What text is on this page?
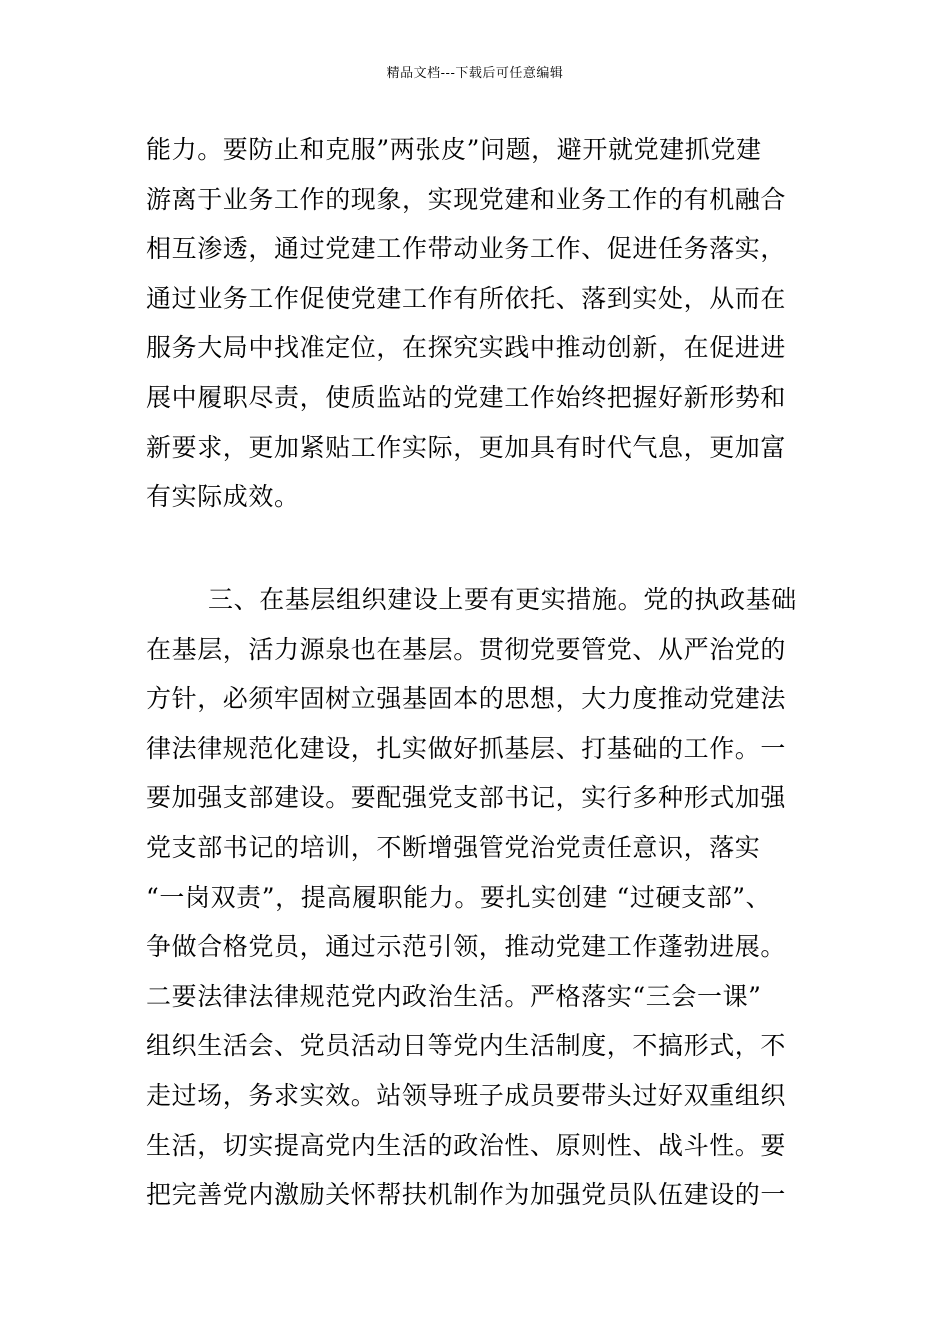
精品文档---下载后可任意编辑
能力。要防止和克服”两张皮”问题，避开就党建抓党建
游离于业务工作的现象，实现党建和业务工作的有机融合
相互渗透，通过党建工作带动业务工作、促进任务落实，
通过业务工作促使党建工作有所依托、落到实处，从而在
服务大局中找准定位，在探究实践中推动创新，在促进进
展中履职尽责，使质监站的党建工作始终把握好新形势和
新要求，更加紧贴工作实际，更加具有时代气息，更加富
有实际成效。
三、在基层组织建设上要有更实措施。党的执政基础
在基层，活力源泉也在基层。贯彻党要管党、从严治党的
方针，必须牢固树立强基固本的思想，大力度推动党建法
律法律规范化建设，扎实做好抓基层、打基础的工作。一
要加强支部建设。要配强党支部书记，实行多种形式加强
党支部书记的培训，不断增强管党治党责任意识，落实
“一岗双责”，提高履职能力。要扎实创建 “过硬支部”、
争做合格党员，通过示范引领，推动党建工作蓬勃进展。
二要法律法律规范党内政治生活。严格落实“三会一课”
组织生活会、党员活动日等党内生活制度，不搞形式，不
走过场，务求实效。站领导班子成员要带头过好双重组织
生活，切实提高党内生活的政治性、原则性、战斗性。要
把完善党内激励关怀帮扶机制作为加强党员队伍建设的一
